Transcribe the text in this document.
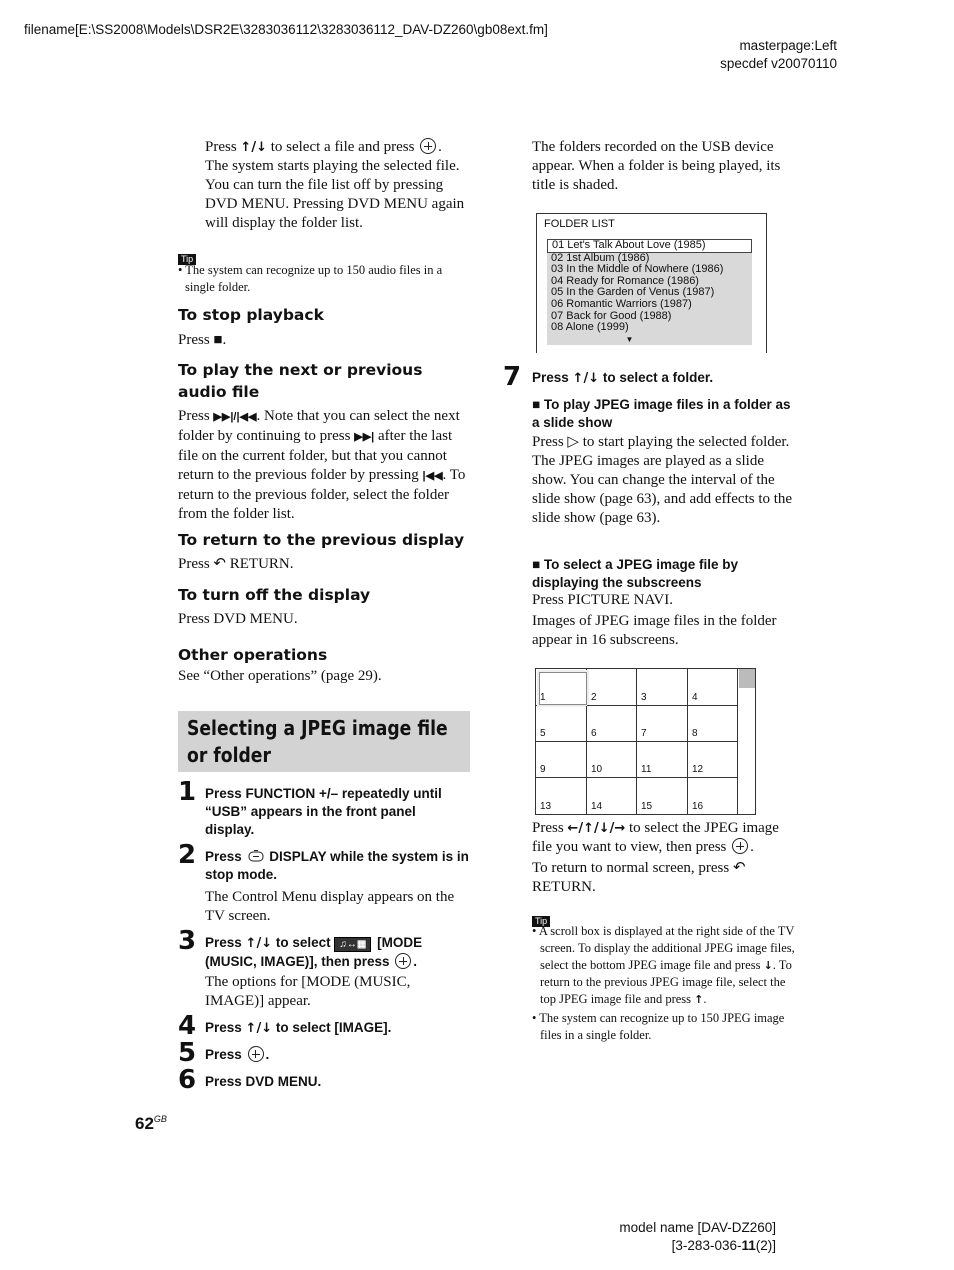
filename[E:\SS2008\Models\DSR2E\3283036112\3283036112_DAV-DZ260\gb08ext.fm]
masterpage:Left
specdef v20070110
Press ↑/↓ to select a file and press .
The system starts playing the selected file. You can turn the file list off by pressing DVD MENU. Pressing DVD MENU again will display the folder list.
Tip
• The system can recognize up to 150 audio files in a single folder.
To stop playback
Press ■.
To play the next or previous audio file
Press ▶▶|/|◀◀. Note that you can select the next folder by continuing to press ▶▶| after the last file on the current folder, but that you cannot return to the previous folder by pressing |◀◀. To return to the previous folder, select the folder from the folder list.
To return to the previous display
Press ↶ RETURN.
To turn off the display
Press DVD MENU.
Other operations
See “Other operations” (page 29).
Selecting a JPEG image file or folder
1 Press FUNCTION +/– repeatedly until “USB” appears in the front panel display.
2 Press  DISPLAY while the system is in stop mode.
The Control Menu display appears on the TV screen.
3 Press ↑/↓ to select ♫↔▦ [MODE (MUSIC, IMAGE)], then press .
The options for [MODE (MUSIC, IMAGE)] appear.
4 Press ↑/↓ to select [IMAGE].
5 Press .
6 Press DVD MENU.
$62^{GB}$
The folders recorded on the USB device appear. When a folder is being played, its title is shaded.
FOLDER LIST
01 Let's Talk About Love (1985)
02 1st Album (1986)
03 In the Middle of Nowhere (1986)
04 Ready for Romance (1986)
05 In the Garden of Venus (1987)
06 Romantic Warriors (1987)
07 Back for Good (1988)
08 Alone (1999)
▼
7 Press ↑/↓ to select a folder.
■ To play JPEG image files in a folder as a slide show
Press ▷ to start playing the selected folder.
The JPEG images are played as a slide show. You can change the interval of the slide show (page 63), and add effects to the slide show (page 63).
■ To select a JPEG image file by displaying the subscreens
Press PICTURE NAVI.
Images of JPEG image files in the folder appear in 16 subscreens.
1	2	3	4
5	6	7	8
9	10	11	12
13	14	15	16
Press ←/↑/↓/→ to select the JPEG image file you want to view, then press .
To return to normal screen, press ↶ RETURN.
Tip
• A scroll box is displayed at the right side of the TV screen. To display the additional JPEG image files, select the bottom JPEG image file and press ↓. To return to the previous JPEG image file, select the top JPEG image file and press ↑.
• The system can recognize up to 150 JPEG image files in a single folder.
model name [DAV-DZ260]
[3-283-036-11(2)]
